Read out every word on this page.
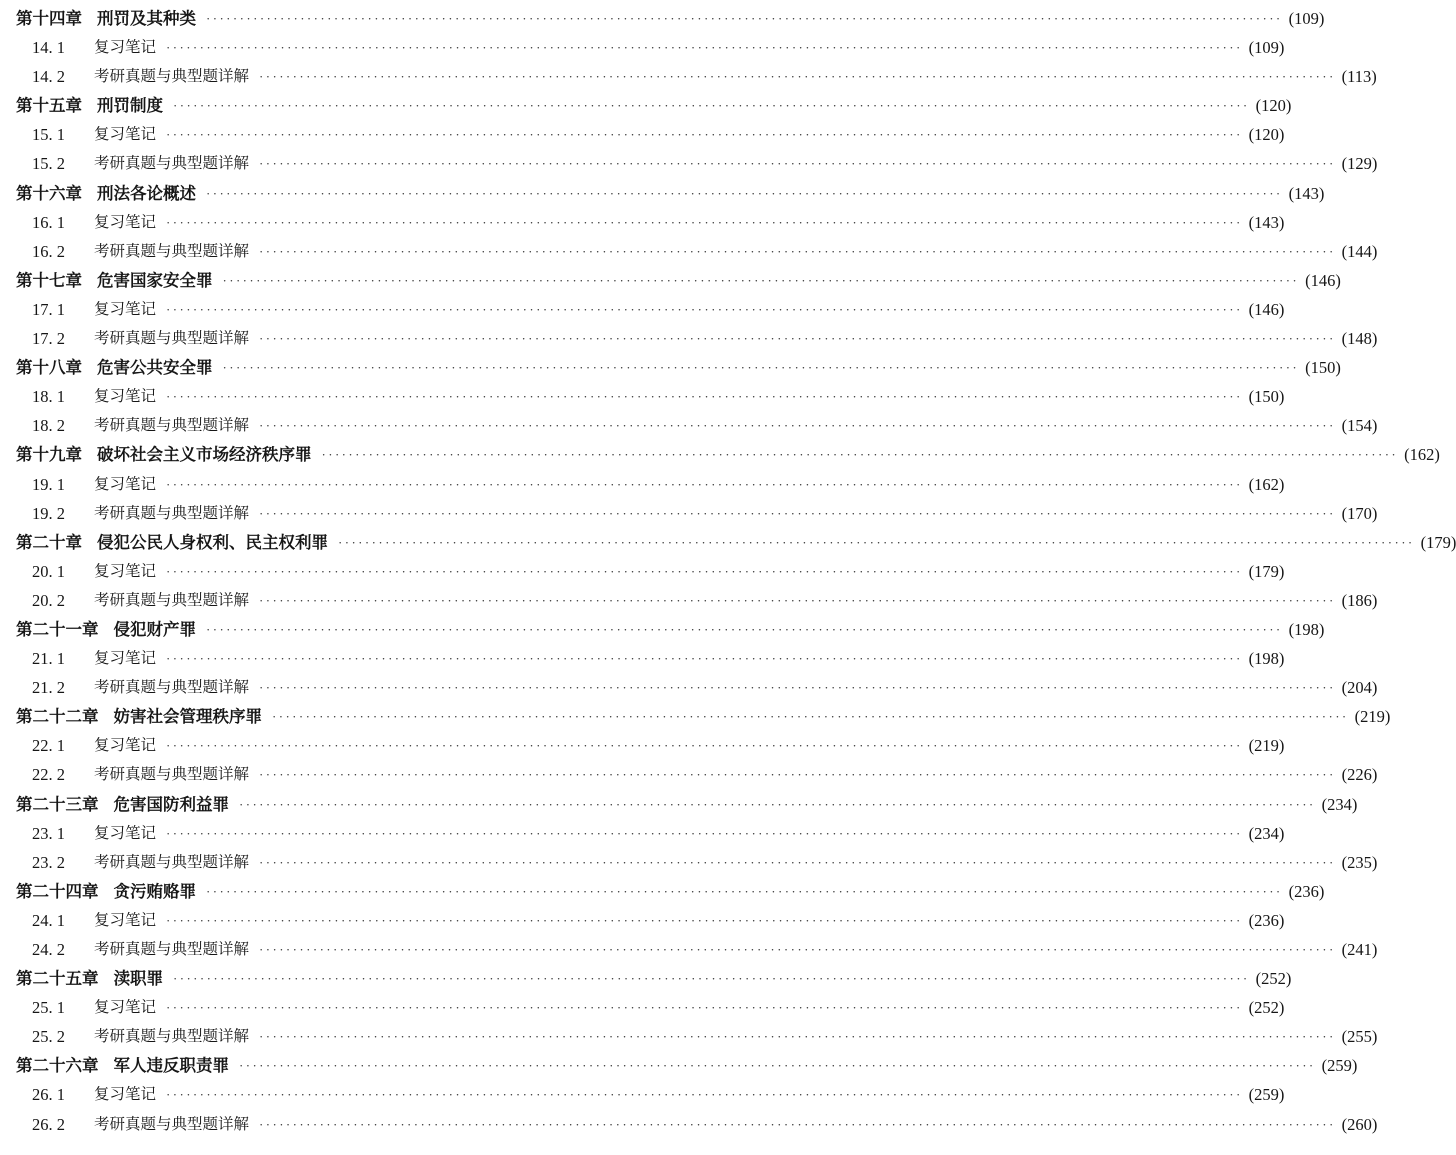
第十四章 刑罚及其种类 ································································································································································ (109)
14. 1	复习笔记 ································································································································································ (109)
14. 2	考研真题与典型题详解 ································································································································································ (113)
第十五章 刑罚制度 ································································································································································ (120)
15. 1	复习笔记 ································································································································································ (120)
15. 2	考研真题与典型题详解 ································································································································································ (129)
第十六章 刑法各论概述 ································································································································································ (143)
16. 1	复习笔记 ································································································································································ (143)
16. 2	考研真题与典型题详解 ································································································································································ (144)
第十七章 危害国家安全罪 ································································································································································ (146)
17. 1	复习笔记 ································································································································································ (146)
17. 2	考研真题与典型题详解 ································································································································································ (148)
第十八章 危害公共安全罪 ································································································································································ (150)
18. 1	复习笔记 ································································································································································ (150)
18. 2	考研真题与典型题详解 ································································································································································ (154)
第十九章 破坏社会主义市场经济秩序罪 ································································································································································ (162)
19. 1	复习笔记 ································································································································································ (162)
19. 2	考研真题与典型题详解 ································································································································································ (170)
第二十章 侵犯公民人身权利、民主权利罪 ································································································································································ (179)
20. 1	复习笔记 ································································································································································ (179)
20. 2	考研真题与典型题详解 ································································································································································ (186)
第二十一章 侵犯财产罪 ································································································································································ (198)
21. 1	复习笔记 ································································································································································ (198)
21. 2	考研真题与典型题详解 ································································································································································ (204)
第二十二章 妨害社会管理秩序罪 ································································································································································ (219)
22. 1	复习笔记 ································································································································································ (219)
22. 2	考研真题与典型题详解 ································································································································································ (226)
第二十三章 危害国防利益罪 ································································································································································ (234)
23. 1	复习笔记 ································································································································································ (234)
23. 2	考研真题与典型题详解 ································································································································································ (235)
第二十四章 贪污贿赂罪 ································································································································································ (236)
24. 1	复习笔记 ································································································································································ (236)
24. 2	考研真题与典型题详解 ································································································································································ (241)
第二十五章 渎职罪 ································································································································································ (252)
25. 1	复习笔记 ································································································································································ (252)
25. 2	考研真题与典型题详解 ································································································································································ (255)
第二十六章 军人违反职责罪 ································································································································································ (259)
26. 1	复习笔记 ································································································································································ (259)
26. 2	考研真题与典型题详解 ································································································································································ (260)
